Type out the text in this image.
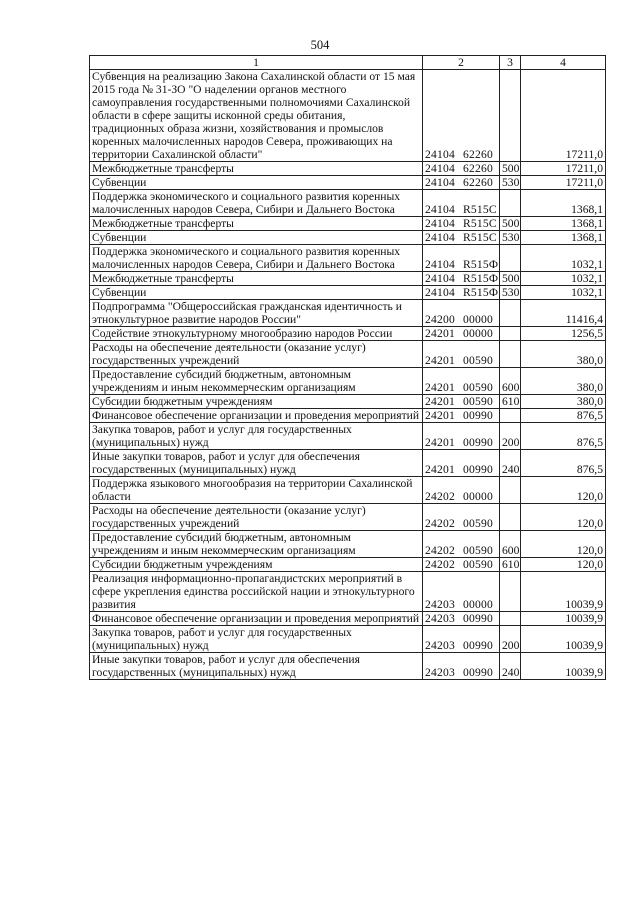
504
1	2	3	4
Субвенция на реализацию Закона Сахалинской области от 15 мая 2015 года № 31-ЗО "О наделении органов местного самоуправления государственными полномочиями Сахалинской области в сфере защиты исконной среды обитания, традиционных образа жизни, хозяйствования и промыслов коренных малочисленных народов Севера, проживающих на территории Сахалинской области"	24104 62260		17211,0
Межбюджетные трансферты	24104 62260	500	17211,0
Субвенции	24104 62260	530	17211,0
Поддержка экономического и социального развития коренных малочисленных народов Севера, Сибири и Дальнего Востока	24104 R515C		1368,1
Межбюджетные трансферты	24104 R515C	500	1368,1
Субвенции	24104 R515C	530	1368,1
Поддержка экономического и социального развития коренных малочисленных народов Севера, Сибири и Дальнего Востока	24104 R515Ф		1032,1
Межбюджетные трансферты	24104 R515Ф	500	1032,1
Субвенции	24104 R515Ф	530	1032,1
Подпрограмма "Общероссийская гражданская идентичность и этнокультурное развитие народов России"	24200 00000		11416,4
Содействие этнокультурному многообразию народов России	24201 00000		1256,5
Расходы на обеспечение деятельности (оказание услуг) государственных учреждений	24201 00590		380,0
Предоставление субсидий бюджетным, автономным учреждениям и иным некоммерческим организациям	24201 00590	600	380,0
Субсидии бюджетным учреждениям	24201 00590	610	380,0
Финансовое обеспечение организации и проведения мероприятий	24201 00990		876,5
Закупка товаров, работ и услуг для государственных (муниципальных) нужд	24201 00990	200	876,5
Иные закупки товаров, работ и услуг для обеспечения государственных (муниципальных) нужд	24201 00990	240	876,5
Поддержка языкового многообразия на территории Сахалинской области	24202 00000		120,0
Расходы на обеспечение деятельности (оказание услуг) государственных учреждений	24202 00590		120,0
Предоставление субсидий бюджетным, автономным учреждениям и иным некоммерческим организациям	24202 00590	600	120,0
Субсидии бюджетным учреждениям	24202 00590	610	120,0
Реализация информационно-пропагандистских мероприятий в сфере укрепления единства российской нации и этнокультурного развития	24203 00000		10039,9
Финансовое обеспечение организации и проведения мероприятий	24203 00990		10039,9
Закупка товаров, работ и услуг для государственных (муниципальных) нужд	24203 00990	200	10039,9
Иные закупки товаров, работ и услуг для обеспечения государственных (муниципальных) нужд	24203 00990	240	10039,9
